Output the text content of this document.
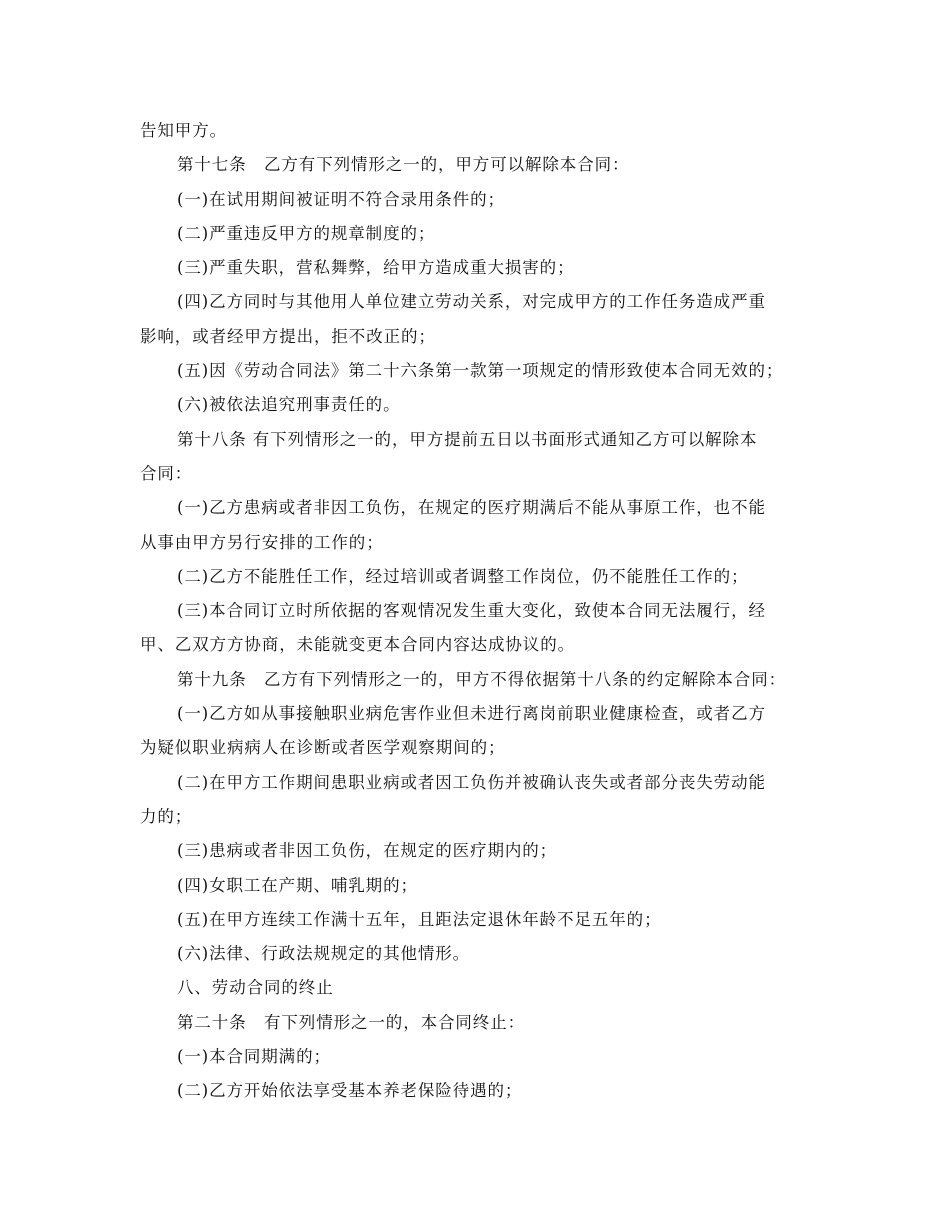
告知甲方。
第十七条　乙方有下列情形之一的，甲方可以解除本合同：
(一)在试用期间被证明不符合录用条件的；
(二)严重违反甲方的规章制度的；
(三)严重失职，营私舞弊，给甲方造成重大损害的；
(四)乙方同时与其他用人单位建立劳动关系，对完成甲方的工作任务造成严重
影响，或者经甲方提出，拒不改正的；
(五)因《劳动合同法》第二十六条第一款第一项规定的情形致使本合同无效的；
(六)被依法追究刑事责任的。
第十八条 有下列情形之一的，甲方提前五日以书面形式通知乙方可以解除本
合同：
(一)乙方患病或者非因工负伤，在规定的医疗期满后不能从事原工作，也不能
从事由甲方另行安排的工作的；
(二)乙方不能胜任工作，经过培训或者调整工作岗位，仍不能胜任工作的；
(三)本合同订立时所依据的客观情况发生重大变化，致使本合同无法履行，经
甲、乙双方方协商，未能就变更本合同内容达成协议的。
第十九条　乙方有下列情形之一的，甲方不得依据第十八条的约定解除本合同：
(一)乙方如从事接触职业病危害作业但未进行离岗前职业健康检查，或者乙方
为疑似职业病病人在诊断或者医学观察期间的；
(二)在甲方工作期间患职业病或者因工负伤并被确认丧失或者部分丧失劳动能
力的；
(三)患病或者非因工负伤，在规定的医疗期内的；
(四)女职工在产期、哺乳期的；
(五)在甲方连续工作满十五年，且距法定退休年龄不足五年的；
(六)法律、行政法规规定的其他情形。
八、劳动合同的终止
第二十条　有下列情形之一的，本合同终止：
(一)本合同期满的；
(二)乙方开始依法享受基本养老保险待遇的；
